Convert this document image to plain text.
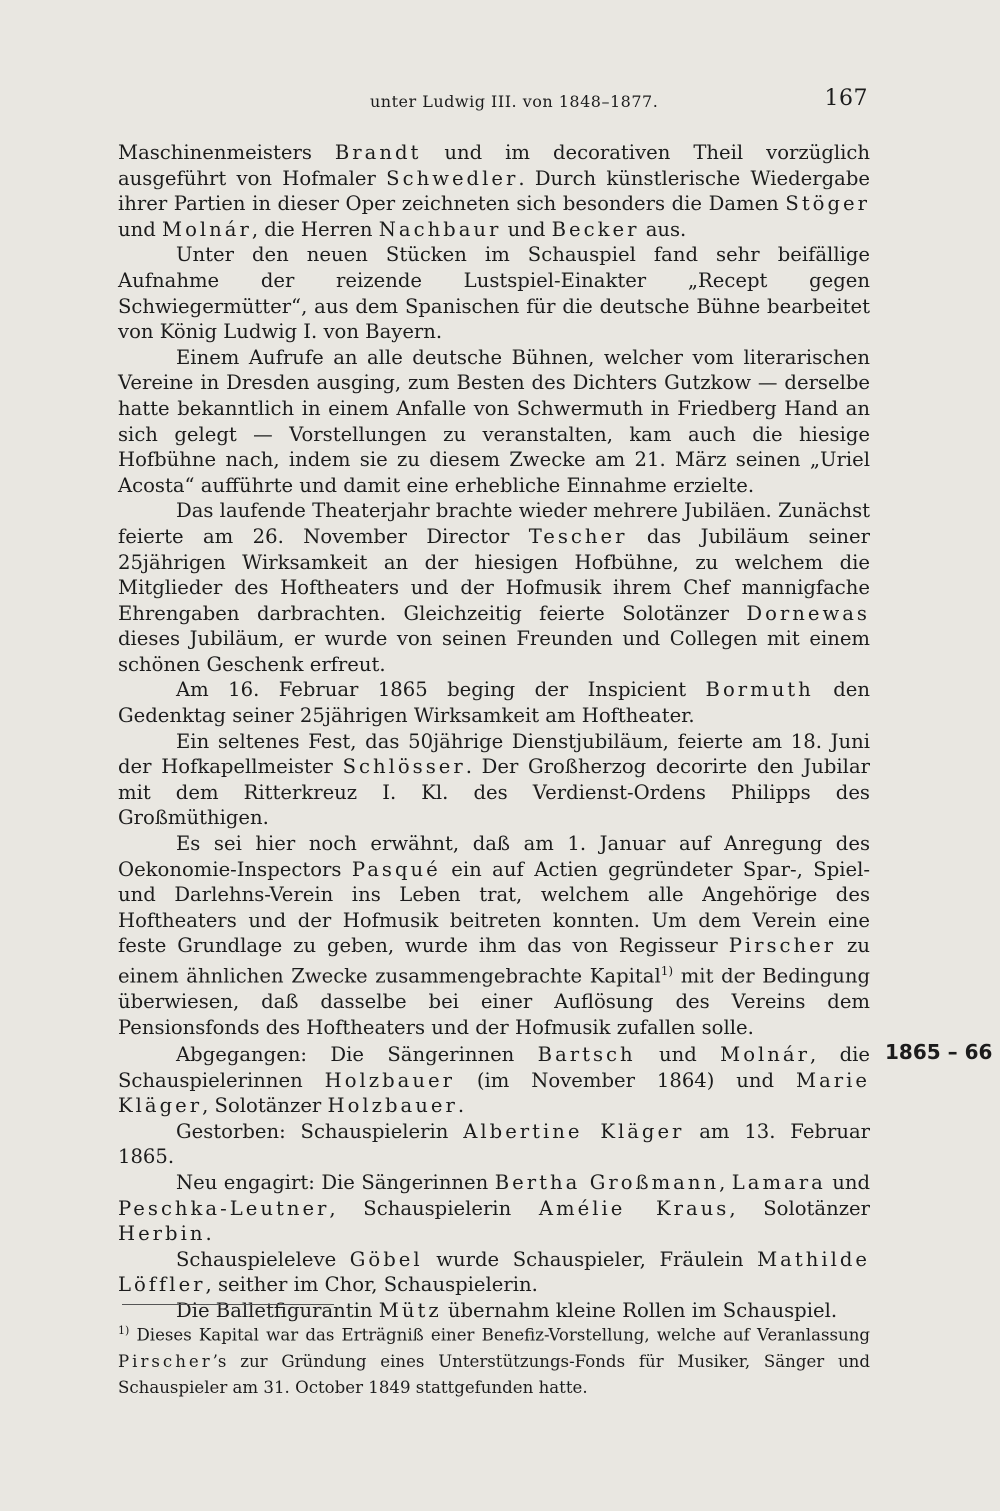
unter Ludwig III. von 1848–1877.	167

Maschinenmeisters Brandt und im decorativen Theil vorzüglich ausgeführt von Hofmaler Schwedler. Durch künstlerische Wiedergabe ihrer Partien in dieser Oper zeichneten sich besonders die Damen Stöger und Molnár, die Herren Nachbaur und Becker aus.

Unter den neuen Stücken im Schauspiel fand sehr beifällige Aufnahme der reizende Lustspiel-Einakter „Recept gegen Schwiegermütter“, aus dem Spanischen für die deutsche Bühne bearbeitet von König Ludwig I. von Bayern.

Einem Aufrufe an alle deutsche Bühnen, welcher vom literarischen Vereine in Dresden ausging, zum Besten des Dichters Gutzkow — derselbe hatte bekanntlich in einem Anfalle von Schwermuth in Friedberg Hand an sich gelegt — Vorstellungen zu veranstalten, kam auch die hiesige Hofbühne nach, indem sie zu diesem Zwecke am 21. März seinen „Uriel Acosta“ aufführte und damit eine erhebliche Einnahme erzielte.

Das laufende Theaterjahr brachte wieder mehrere Jubiläen. Zunächst feierte am 26. November Director Tescher das Jubiläum seiner 25jährigen Wirksamkeit an der hiesigen Hofbühne, zu welchem die Mitglieder des Hoftheaters und der Hofmusik ihrem Chef mannigfache Ehrengaben darbrachten. Gleichzeitig feierte Solotänzer Dornewas dieses Jubiläum, er wurde von seinen Freunden und Collegen mit einem schönen Geschenk erfreut.

Am 16. Februar 1865 beging der Inspicient Bormuth den Gedenktag seiner 25jährigen Wirksamkeit am Hoftheater.

Ein seltenes Fest, das 50jährige Dienstjubiläum, feierte am 18. Juni der Hofkapellmeister Schlösser. Der Großherzog decorirte den Jubilar mit dem Ritterkreuz I. Kl. des Verdienst-Ordens Philipps des Großmüthigen.

Es sei hier noch erwähnt, daß am 1. Januar auf Anregung des Oekonomie-Inspectors Pasqué ein auf Actien gegründeter Spar-, Spiel- und Darlehns-Verein ins Leben trat, welchem alle Angehörige des Hoftheaters und der Hofmusik beitreten konnten. Um dem Verein eine feste Grundlage zu geben, wurde ihm das von Regisseur Pirscher zu einem ähnlichen Zwecke zusammengebrachte Kapital$^{1)}$ mit der Bedingung überwiesen, daß dasselbe bei einer Auflösung des Vereins dem Pensionsfonds des Hoftheaters und der Hofmusik zufallen solle.

1865 – 66

Abgegangen: Die Sängerinnen Bartsch und Molnár, die Schauspielerinnen Holzbauer (im November 1864) und Marie Kläger, Solotänzer Holzbauer.

Gestorben: Schauspielerin Albertine Kläger am 13. Februar 1865.

Neu engagirt: Die Sängerinnen Bertha Großmann, Lamara und Peschka-Leutner, Schauspielerin Amélie Kraus, Solotänzer Herbin.

Schauspieleleve Göbel wurde Schauspieler, Fräulein Mathilde Löffler, seither im Chor, Schauspielerin.

Die Balletfigurantin Mütz übernahm kleine Rollen im Schauspiel.

$^{1)}$ Dieses Kapital war das Erträgniß einer Benefiz-Vorstellung, welche auf Veranlassung Pirscher’s zur Gründung eines Unterstützungs-Fonds für Musiker, Sänger und Schauspieler am 31. October 1849 stattgefunden hatte.
